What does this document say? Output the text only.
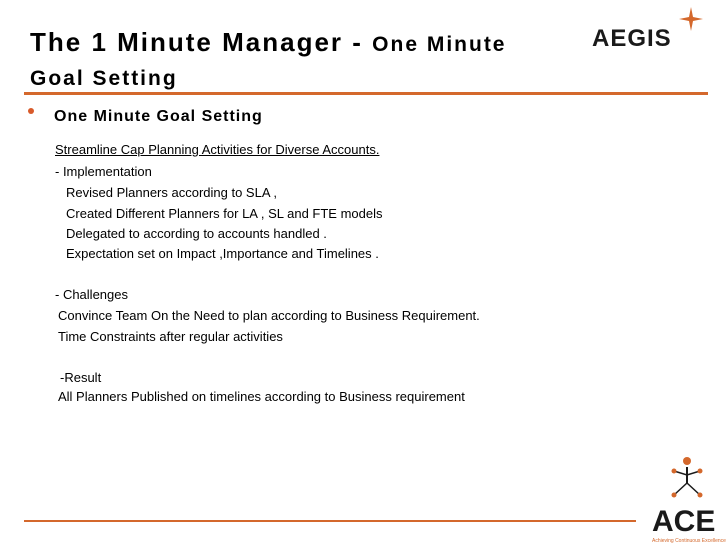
The 1 Minute Manager - One Minute
Goal Setting
AEGIS
One Minute Goal Setting
Streamline Cap Planning Activities for Diverse Accounts.
- Implementation
Revised Planners according to SLA ,
Created Different Planners for LA , SL and FTE models
Delegated to according to accounts handled .
Expectation set on Impact ,Importance and Timelines .
- Challenges
Convince Team On the Need to plan according to Business Requirement.
Time Constraints after regular activities
-Result
All Planners Published on timelines according to Business requirement
ACE
Achieving Continuous Excellence
